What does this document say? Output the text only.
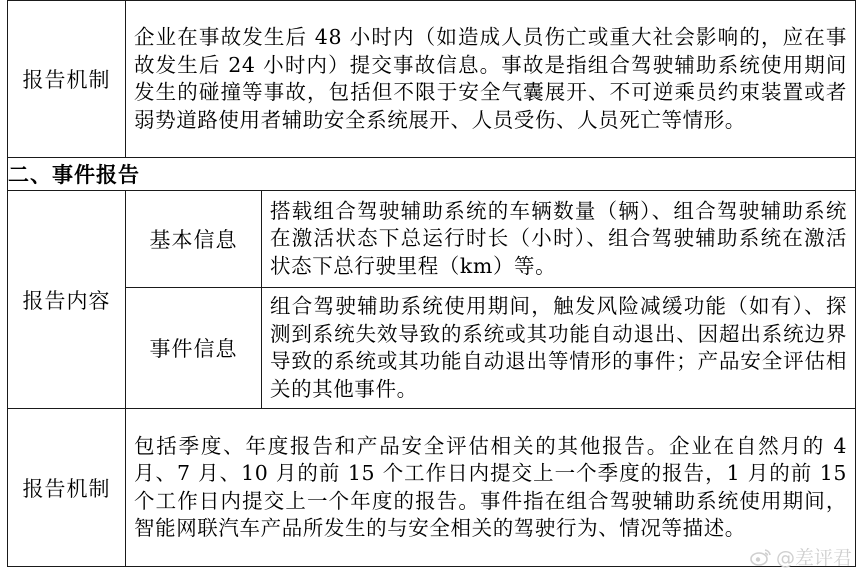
报告机制	企业在事故发生后 48 小时内（如造成人员伤亡或重大社会影响的，应在事故发生后 24 小时内）提交事故信息。事故是指组合驾驶辅助系统使用期间发生的碰撞等事故，包括但不限于安全气囊展开、不可逆乘员约束装置或者弱势道路使用者辅助安全系统展开、人员受伤、人员死亡等情形。	

二、事件报告		
报告内容	基本信息	搭载组合驾驶辅助系统的车辆数量（辆）、组合驾驶辅助系统在激活状态下总运行时长（小时）、组合驾驶辅助系统在激活状态下总行驶里程（km）等。

	事件信息	组合驾驶辅助系统使用期间，触发风险减缓功能（如有）、探测到系统失效导致的系统或其功能自动退出、因超出系统边界导致的系统或其功能自动退出等情形的事件；产品安全评估相关的其他事件。

报告机制	包括季度、年度报告和产品安全评估相关的其他报告。企业在自然月的 4 月、7 月、10 月的前 15 个工作日内提交上一个季度的报告，1 月的前 15 个工作日内提交上一个年度的报告。事件指在组合驾驶辅助系统使用期间，智能网联汽车产品所发生的与安全相关的驾驶行为、情况等描述。	
@差评君
